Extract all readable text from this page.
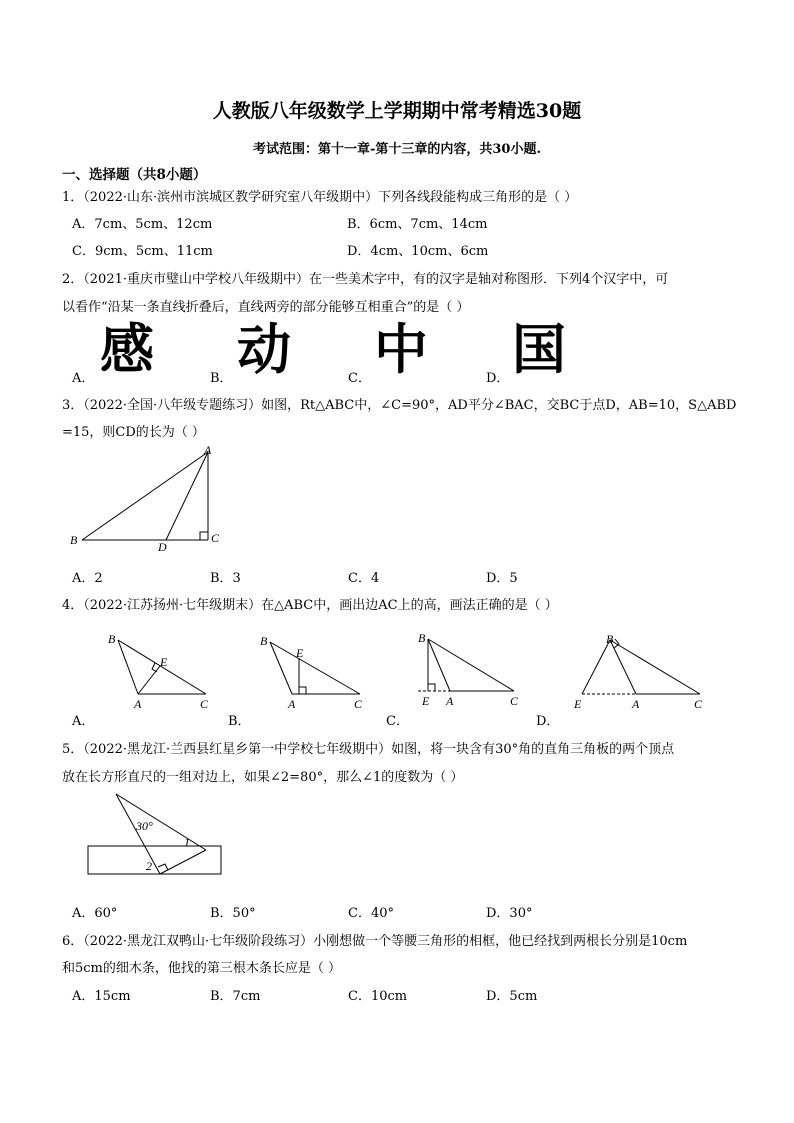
人教版八年级数学上学期期中常考精选30题
考试范围：第十一章-第十三章的内容，共30小题.
一、选择题（共8小题）
1．（2022·山东·滨州市滨城区教学研究室八年级期中）下列各线段能构成三角形的是（ ）
A．7cm、5cm、12cm	B．6cm、7cm、14cm
C．9cm、5cm、11cm	D．4cm、10cm、6cm
2．（2021·重庆市璧山中学校八年级期中）在一些美术字中，有的汉字是轴对称图形．下列4个汉字中，可
以看作“沿某一条直线折叠后，直线两旁的部分能够互相重合”的是（ ）
A． 感	B． 动	C． 中	D． 国
3．（2022·全国·八年级专题练习）如图，Rt△ABC中，∠C=90°，AD平分∠BAC，交BC于点D，AB=10，S△ABD
=15，则CD的长为（ ）
A
B	C
D
A．2	B．3	C．4	D．5
4．（2022·江苏扬州·七年级期末）在△ABC中，画出边AC上的高，画法正确的是（ ）
A．
B
A	C
E
B．
B
A	C
E
C．
B
E A	C
D．
B
E	A	C
5．（2022·黑龙江·兰西县红星乡第一中学校七年级期中）如图，将一块含有30°角的直角三角板的两个顶点
放在长方形直尺的一组对边上，如果∠2=80°，那么∠1的度数为（ ）
30°
1
2
A．60°	B．50°	C．40°	D．30°
6．（2022·黑龙江双鸭山·七年级阶段练习）小刚想做一个等腰三角形的相框，他已经找到两根长分别是10cm
和5cm的细木条，他找的第三根木条长应是（ ）
A．15cm	B．7cm	C．10cm	D．5cm
